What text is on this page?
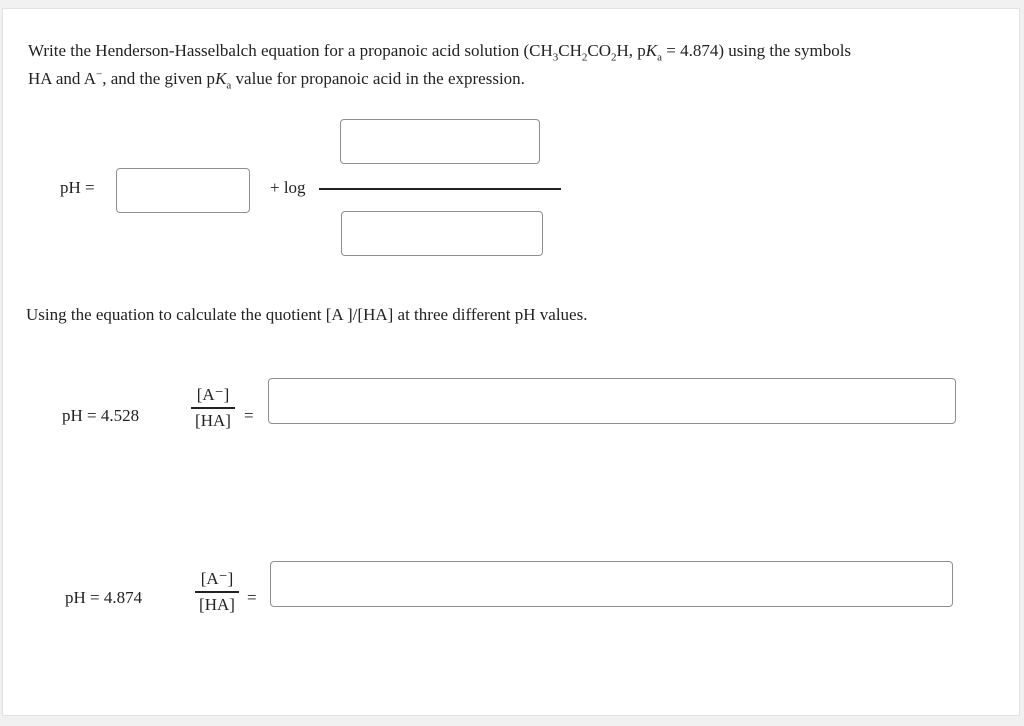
Write the Henderson-Hasselbalch equation for a propanoic acid solution ($CH_3CH_2CO_2H$, $pK_a = 4.874$) using the symbols
HA and A−, and the given $pK_a$ value for propanoic acid in the expression.
pH =	+ log
Using the equation to calculate the quotient [A ]/[HA] at three different pH values.
pH = 4.528
[A⁻]
[HA] =
pH = 4.874
[A⁻]
[HA] =
